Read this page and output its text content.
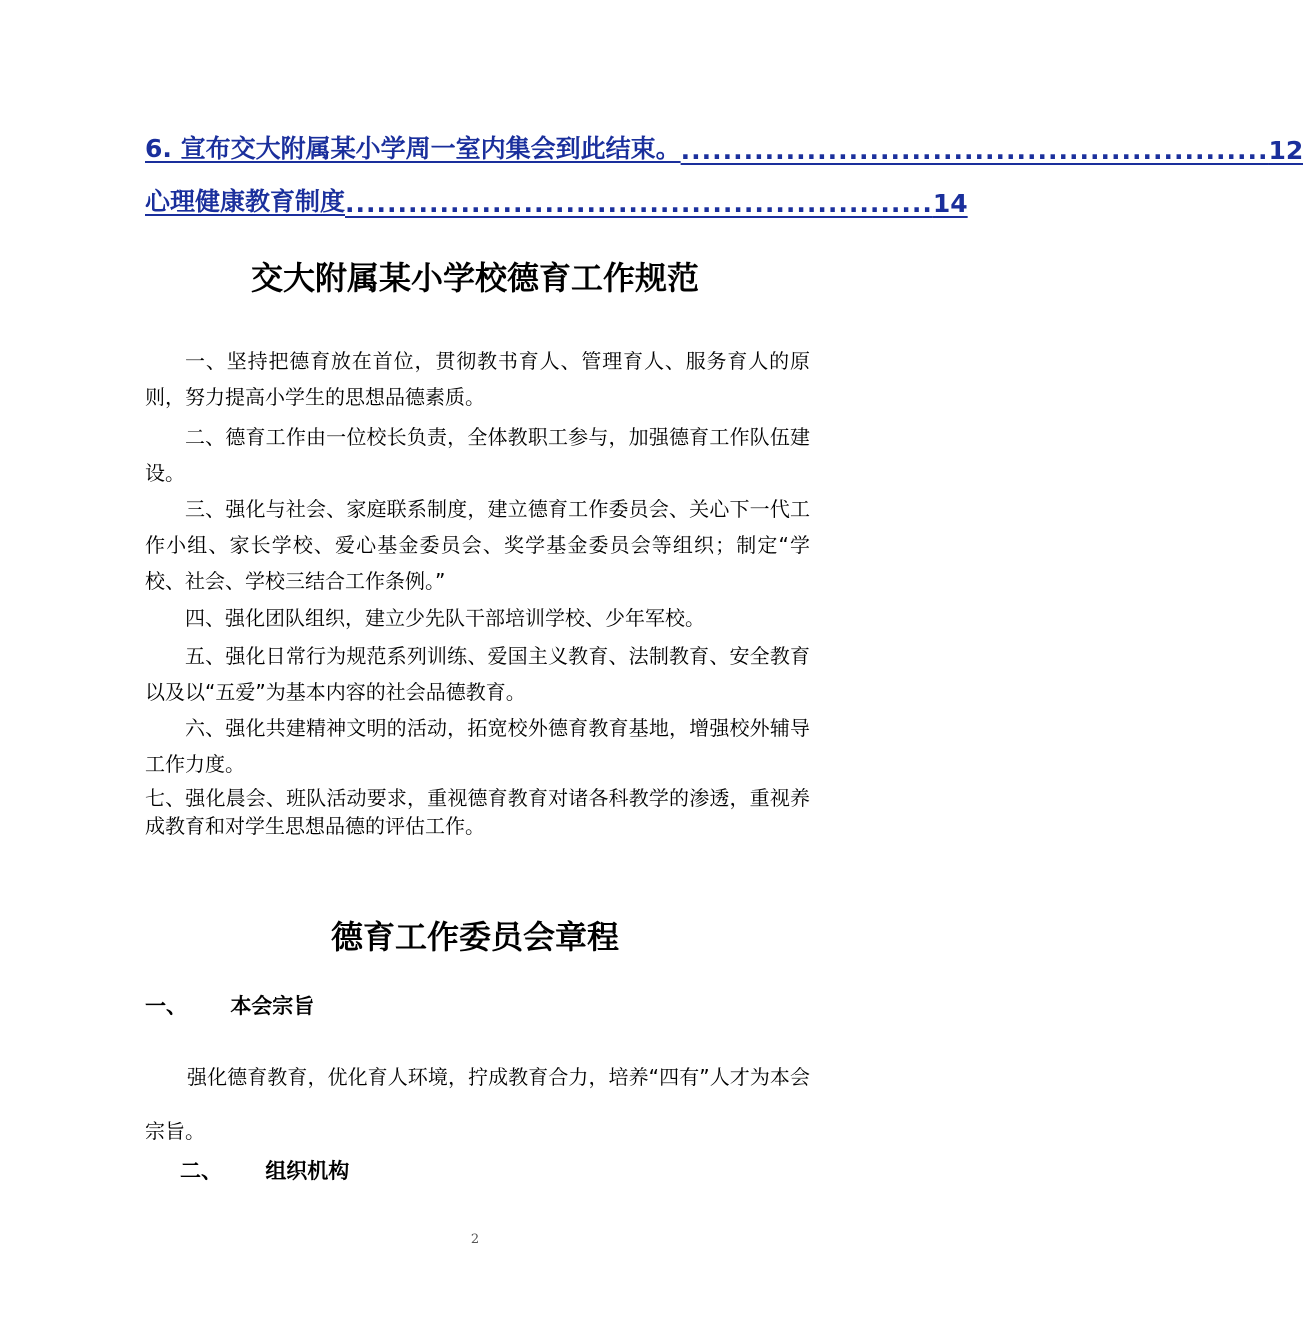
6. 宣布交大附属某小学周一室内集会到此结束。 ........................................................ 12
心理健康教育制度 ........................................................ 14
交大附属某小学校德育工作规范
一、坚持把德育放在首位，贯彻教书育人、管理育人、服务育人的原则，努力提高小学生的思想品德素质。
二、德育工作由一位校长负责，全体教职工参与，加强德育工作队伍建设。
三、强化与社会、家庭联系制度，建立德育工作委员会、关心下一代工作小组、家长学校、爱心基金委员会、奖学基金委员会等组织；制定“学校、社会、学校三结合工作条例。”
四、强化团队组织，建立少先队干部培训学校、少年军校。
五、强化日常行为规范系列训练、爱国主义教育、法制教育、安全教育以及以“五爱”为基本内容的社会品德教育。
六、强化共建精神文明的活动，拓宽校外德育教育基地，增强校外辅导工作力度。
七、强化晨会、班队活动要求，重视德育教育对诸各科教学的渗透，重视养成教育和对学生思想品德的评估工作。
德育工作委员会章程
一、 本会宗旨
强化德育教育，优化育人环境，拧成教育合力，培养“四有”人才为本会宗旨。
二、 组织机构
2
